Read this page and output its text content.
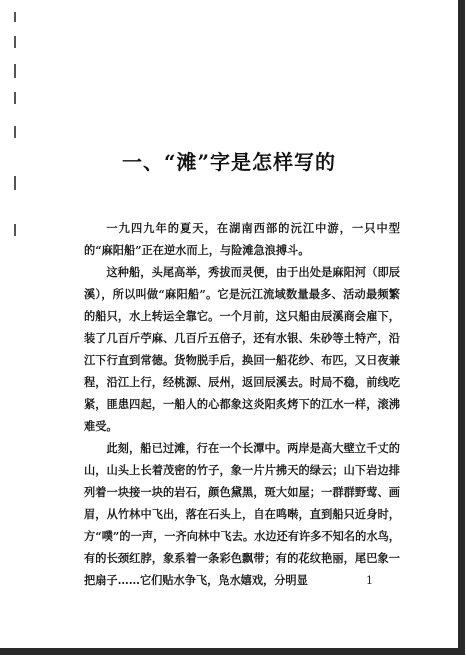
一、“滩”字是怎样写的

一九四九年的夏天，在湖南西部的沅江中游，一只中型的“麻阳船”正在逆水而上，与险滩急浪搏斗。

这种船，头尾高举，秀拔而灵便，由于出处是麻阳河（即辰溪），所以叫做“麻阳船”。它是沅江流域数量最多、活动最频繁的船只，水上转运全靠它。一个月前，这只船由辰溪商会雇下，装了几百斤苧麻、几百斤五倍子，还有水银、朱砂等土特产，沿江下行直到常德。货物脱手后，换回一船花纱、布匹，又日夜兼程，沿江上行，经桃源、辰州，返回辰溪去。时局不稳，前线吃紧，匪患四起，一船人的心都象这炎阳炙烤下的江水一样，滚沸难受。

此刻，船已过滩，行在一个长潭中。两岸是高大壁立千丈的山，山头上长着茂密的竹子，象一片片拂天的绿云；山下岩边排列着一块接一块的岩石，颜色黛黑，斑大如屋；一群群野莺、画眉，从竹林中飞出，落在石头上，自在鸣啭，直到船只近身时，方“噗”的一声，一齐向林中飞去。水边还有许多不知名的水鸟，有的长颈红脖，象系着一条彩色飘带；有的花纹艳丽，尾巴象一把扇子……它们贴水争飞，凫水嬉戏，分明显	1
